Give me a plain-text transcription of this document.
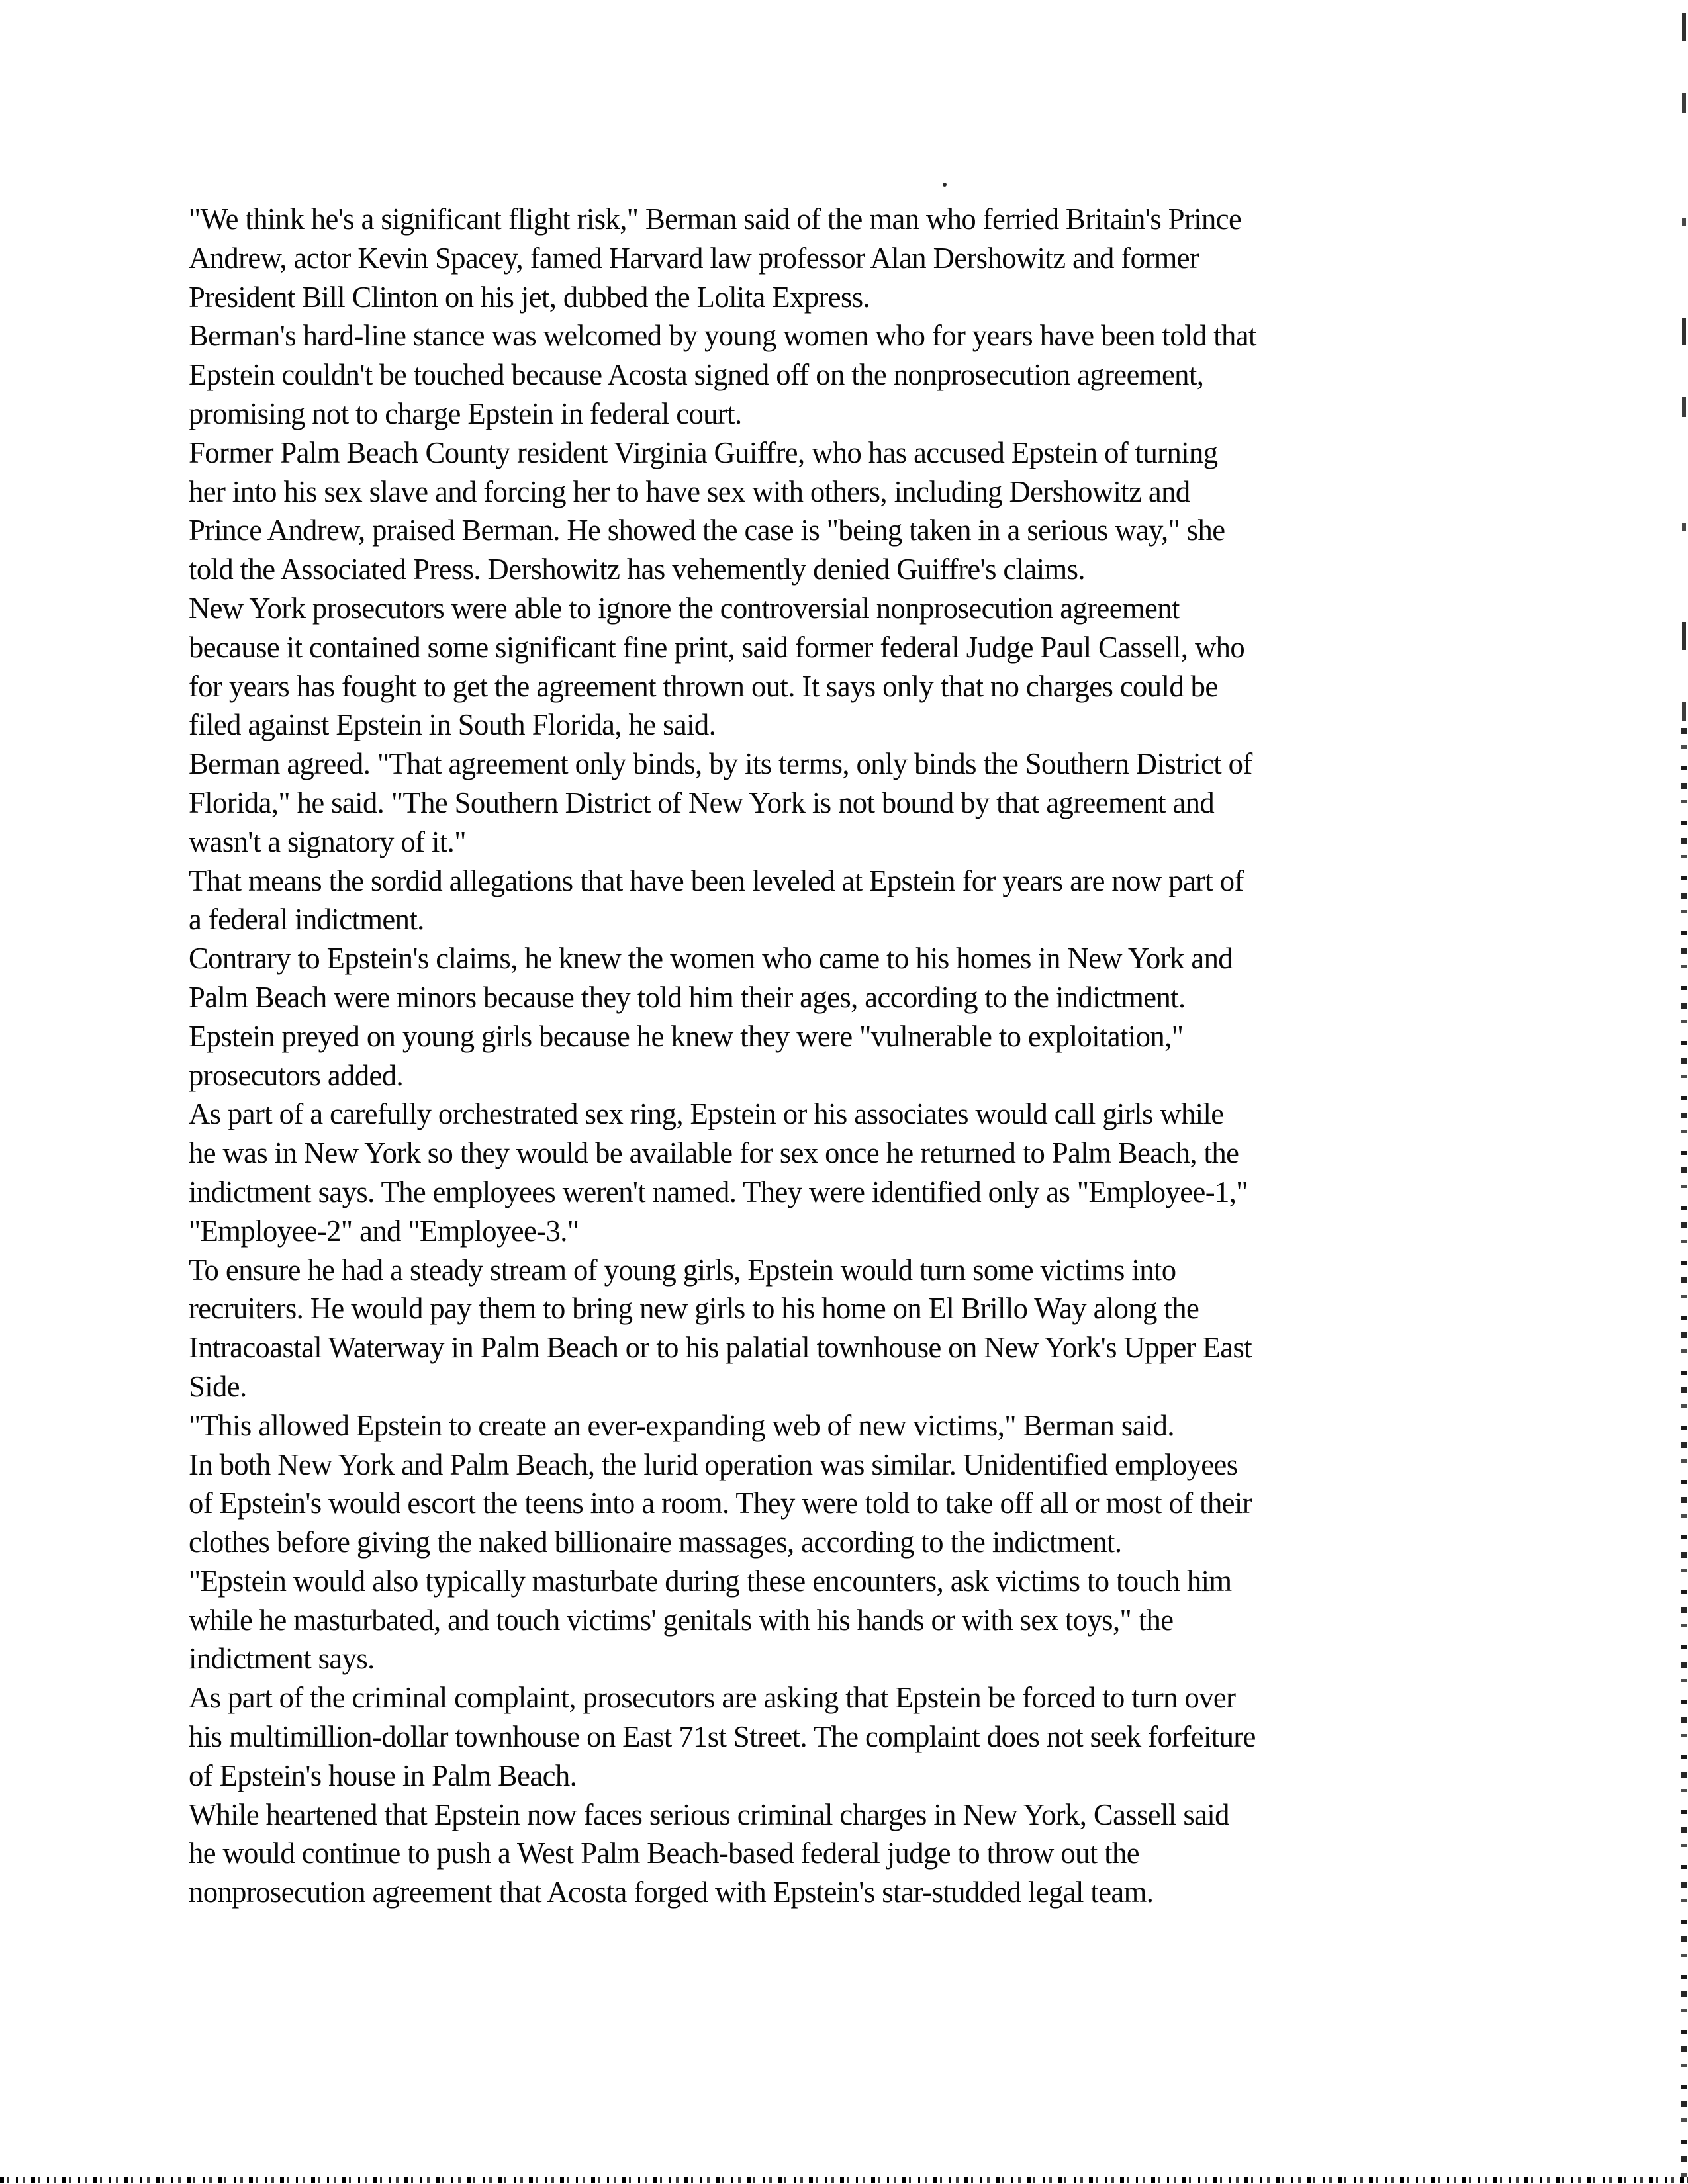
"We think he's a significant flight risk," Berman said of the man who ferried Britain's Prince
Andrew, actor Kevin Spacey, famed Harvard law professor Alan Dershowitz and former
President Bill Clinton on his jet, dubbed the Lolita Express.
Berman's hard-line stance was welcomed by young women who for years have been told that
Epstein couldn't be touched because Acosta signed off on the nonprosecution agreement,
promising not to charge Epstein in federal court.
Former Palm Beach County resident Virginia Guiffre, who has accused Epstein of turning
her into his sex slave and forcing her to have sex with others, including Dershowitz and
Prince Andrew, praised Berman. He showed the case is "being taken in a serious way," she
told the Associated Press. Dershowitz has vehemently denied Guiffre's claims.
New York prosecutors were able to ignore the controversial nonprosecution agreement
because it contained some significant fine print, said former federal Judge Paul Cassell, who
for years has fought to get the agreement thrown out. It says only that no charges could be
filed against Epstein in South Florida, he said.
Berman agreed. "That agreement only binds, by its terms, only binds the Southern District of
Florida," he said. "The Southern District of New York is not bound by that agreement and
wasn't a signatory of it."
That means the sordid allegations that have been leveled at Epstein for years are now part of
a federal indictment.
Contrary to Epstein's claims, he knew the women who came to his homes in New York and
Palm Beach were minors because they told him their ages, according to the indictment.
Epstein preyed on young girls because he knew they were "vulnerable to exploitation,"
prosecutors added.
As part of a carefully orchestrated sex ring, Epstein or his associates would call girls while
he was in New York so they would be available for sex once he returned to Palm Beach, the
indictment says. The employees weren't named. They were identified only as "Employee-1,"
"Employee-2" and "Employee-3."
To ensure he had a steady stream of young girls, Epstein would turn some victims into
recruiters. He would pay them to bring new girls to his home on El Brillo Way along the
Intracoastal Waterway in Palm Beach or to his palatial townhouse on New York's Upper East
Side.
"This allowed Epstein to create an ever-expanding web of new victims," Berman said.
In both New York and Palm Beach, the lurid operation was similar. Unidentified employees
of Epstein's would escort the teens into a room. They were told to take off all or most of their
clothes before giving the naked billionaire massages, according to the indictment.
"Epstein would also typically masturbate during these encounters, ask victims to touch him
while he masturbated, and touch victims' genitals with his hands or with sex toys," the
indictment says.
As part of the criminal complaint, prosecutors are asking that Epstein be forced to turn over
his multimillion-dollar townhouse on East 71st Street. The complaint does not seek forfeiture
of Epstein's house in Palm Beach.
While heartened that Epstein now faces serious criminal charges in New York, Cassell said
he would continue to push a West Palm Beach-based federal judge to throw out the
nonprosecution agreement that Acosta forged with Epstein's star-studded legal team.
